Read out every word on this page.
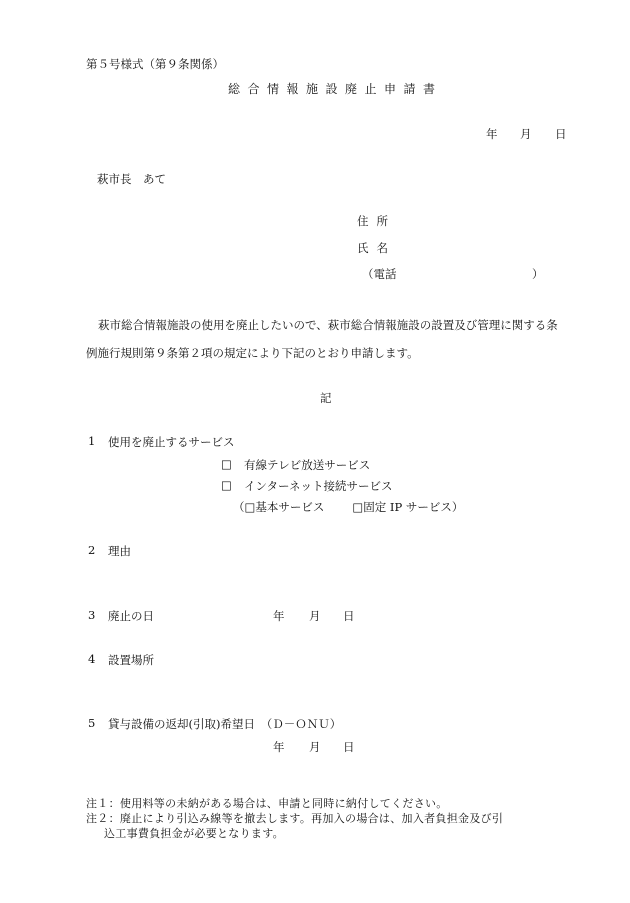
第５号様式（第９条関係）
総合情報施設廃止申請書
年 月 日
萩市長　あて
住所
氏名
（電話	）
萩市総合情報施設の使用を廃止したいので、萩市総合情報施設の設置及び管理に関する条
例施行規則第９条第２項の規定により下記のとおり申請します。
記
1 使用を廃止するサービス
□ 有線テレビ放送サービス
□ インターネット接続サービス
（□基本サービス □固定 IP サービス）
2 理由
3 廃止の日	年 月 日
4 設置場所
5 貸与設備の返却(引取)希望日　（Ｄ－ＯＮＵ）
年 月 日
注１：使用料等の未納がある場合は、申請と同時に納付してください。
注２：廃止により引込み線等を撤去します。再加入の場合は、加入者負担金及び引
込工事費負担金が必要となります。
